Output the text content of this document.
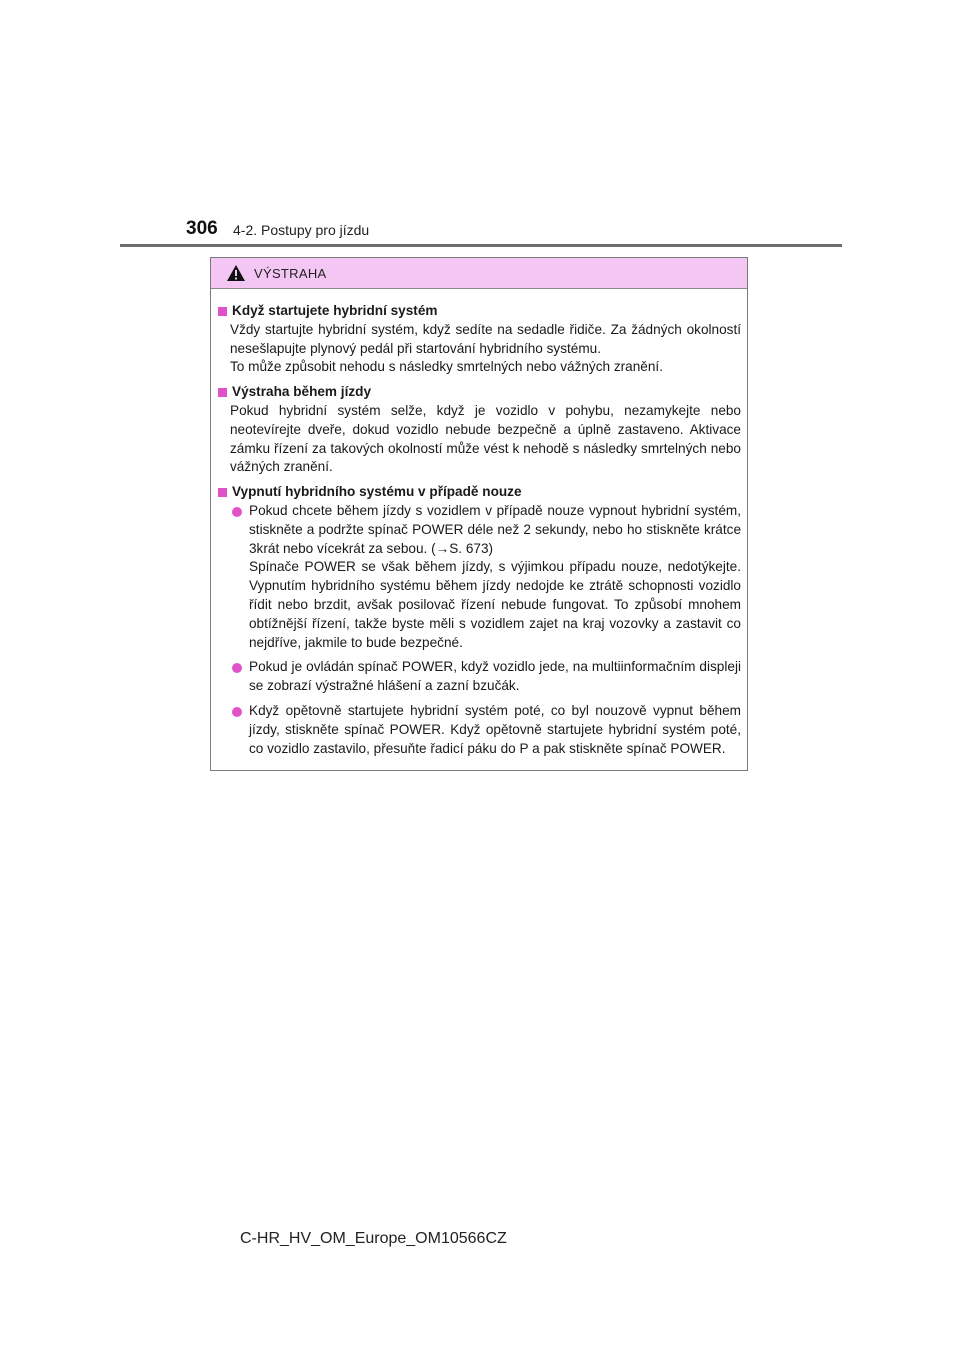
306 4-2. Postupy pro jízdu
VÝSTRAHA
Když startujete hybridní systém

Vždy startujte hybridní systém, když sedíte na sedadle řidiče. Za žádných okolností nesešlapujte plynový pedál při startování hybridního systému.
To může způsobit nehodu s následky smrtelných nebo vážných zranění.

Výstraha během jízdy

Pokud hybridní systém selže, když je vozidlo v pohybu, nezamykejte nebo neotevírejte dveře, dokud vozidlo nebude bezpečně a úplně zastaveno. Aktivace zámku řízení za takových okolností může vést k nehodě s následky smrtelných nebo vážných zranění.

Vypnutí hybridního systému v případě nouze
Pokud chcete během jízdy s vozidlem v případě nouze vypnout hybridní systém, stiskněte a podržte spínač POWER déle než 2 sekundy, nebo ho stiskněte krátce 3krát nebo vícekrát za sebou. (→S. 673)
Spínače POWER se však během jízdy, s výjimkou případu nouze, nedotýkejte. Vypnutím hybridního systému během jízdy nedojde ke ztrátě schopnosti vozidlo řídit nebo brzdit, avšak posilovač řízení nebude fungovat. To způsobí mnohem obtížnější řízení, takže byste měli s vozidlem zajet na kraj vozovky a zastavit co nejdříve, jakmile to bude bezpečné.
Pokud je ovládán spínač POWER, když vozidlo jede, na multiinformačním displeji se zobrazí výstražné hlášení a zazní bzučák.
Když opětovně startujete hybridní systém poté, co byl nouzově vypnut během jízdy, stiskněte spínač POWER. Když opětovně startujete hybridní systém poté, co vozidlo zastavilo, přesuňte řadicí páku do P a pak stiskněte spínač POWER.
C-HR_HV_OM_Europe_OM10566CZ
